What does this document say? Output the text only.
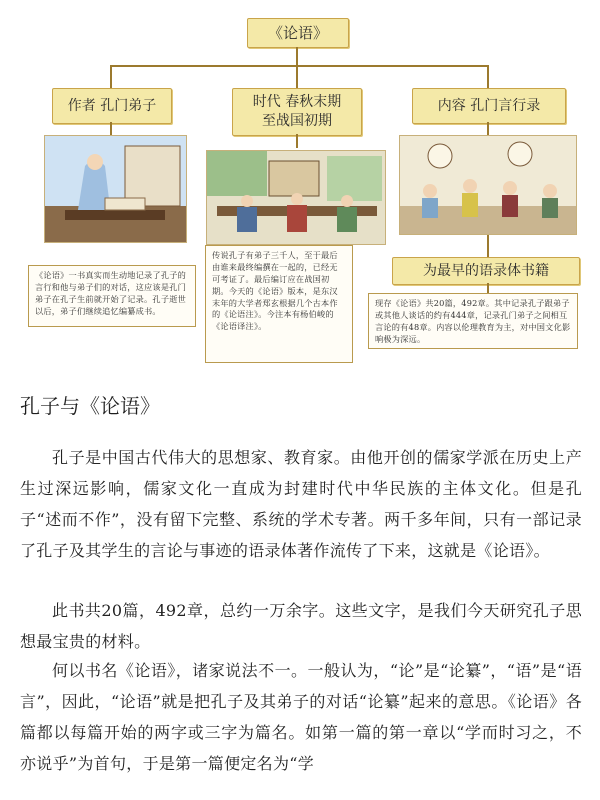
《论语》
作者 孔门弟子	时代 春秋末期
至战国初期
内容 孔门言行录
为最早的语录体书籍
《论语》一书真实而生动地记录了孔子的言行和他与弟子们的对话，这应该是孔门弟子在孔子生前就开始了记录。孔子逝世以后，弟子们继续追忆编纂成书。
传说孔子有弟子三千人，至于最后由谁来最终编撰在一起的，已经无可考证了。最后编订应在战国初期。今天的《论语》版本，是东汉末年的大学者郑玄根据几个古本作的《论语注》。今注本有杨伯峻的《论语译注》。
现存《论语》共20篇，492章。其中记录孔子跟弟子或其他人谈话的约有444章，记录孔门弟子之间相互言论的有48章。内容以伦理教育为主，对中国文化影响极为深远。
孔子与《论语》

孔子是中国古代伟大的思想家、教育家。由他开创的儒家学派在历史上产生过深远影响，儒家文化一直成为封建时代中华民族的主体文化。但是孔子“述而不作”，没有留下完整、系统的学术专著。两千多年间，只有一部记录了孔子及其学生的言论与事迹的语录体著作流传了下来，这就是《论语》。

此书共20篇，492章，总约一万余字。这些文字，是我们今天研究孔子思想最宝贵的材料。

何以书名《论语》，诸家说法不一。一般认为，“论”是“论纂”，“语”是“语言”，因此，“论语”就是把孔子及其弟子的对话“论纂”起来的意思。《论语》各篇都以每篇开始的两字或三字为篇名。如第一篇的第一章以“学而时习之，不亦说乎”为首句，于是第一篇便定名为“学
